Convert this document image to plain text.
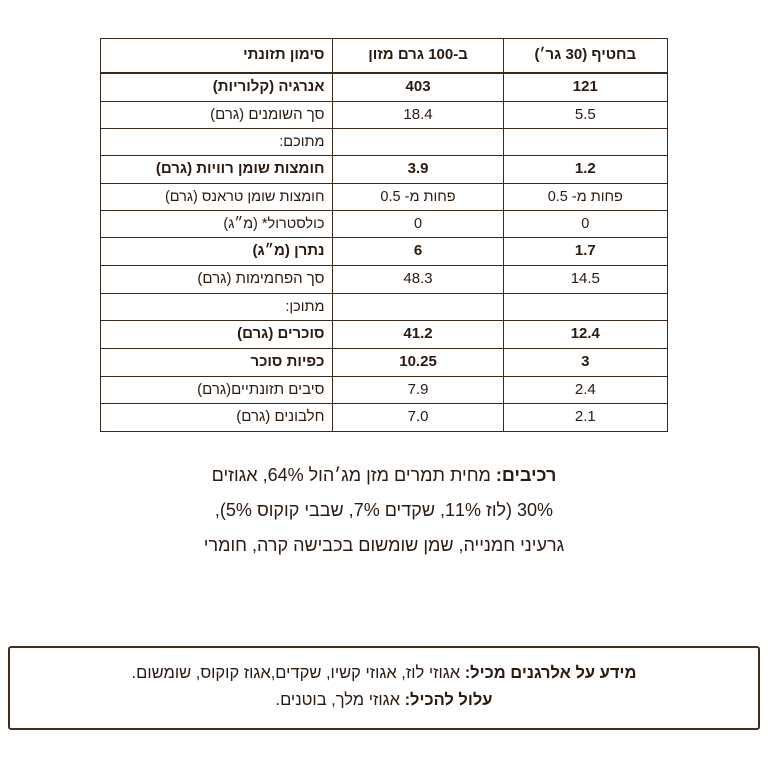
בחטיף (30 גר׳)	ב-100 גרם מזון	סימון תזונתי
121	403	אנרגיה (קלוריות)
5.5	18.4	סך השומנים (גרם)
		מתוכם:
1.2	3.9	חומצות שומן רוויות (גרם)
פחות מ- 0.5	פחות מ- 0.5	חומצות שומן טראנס (גרם)
0	0	כולסטרול* (מ״ג)
1.7	6	נתרן (מ״ג)
14.5	48.3	סך הפחמימות (גרם)
		מתוכן:
12.4	41.2	סוכרים (גרם)
3	10.25	כפיות סוכר
2.4	7.9	סיבים תזונתיים(גרם)
2.1	7.0	חלבונים (גרם)
רכיבים: מחית תמרים מזן מג׳הול 64%, אגוזים
30% (לוז 11%, שקדים 7%, שבבי קוקוס 5%),
גרעיני חמנייה, שמן שומשום בכבישה קרה, חומרי
מידע על אלרגנים מכיל: אגוזי לוז, אגוזי קשיו, שקדים,אגוז קוקוס, שומשום.
עלול להכיל: אגוזי מלך, בוטנים.
